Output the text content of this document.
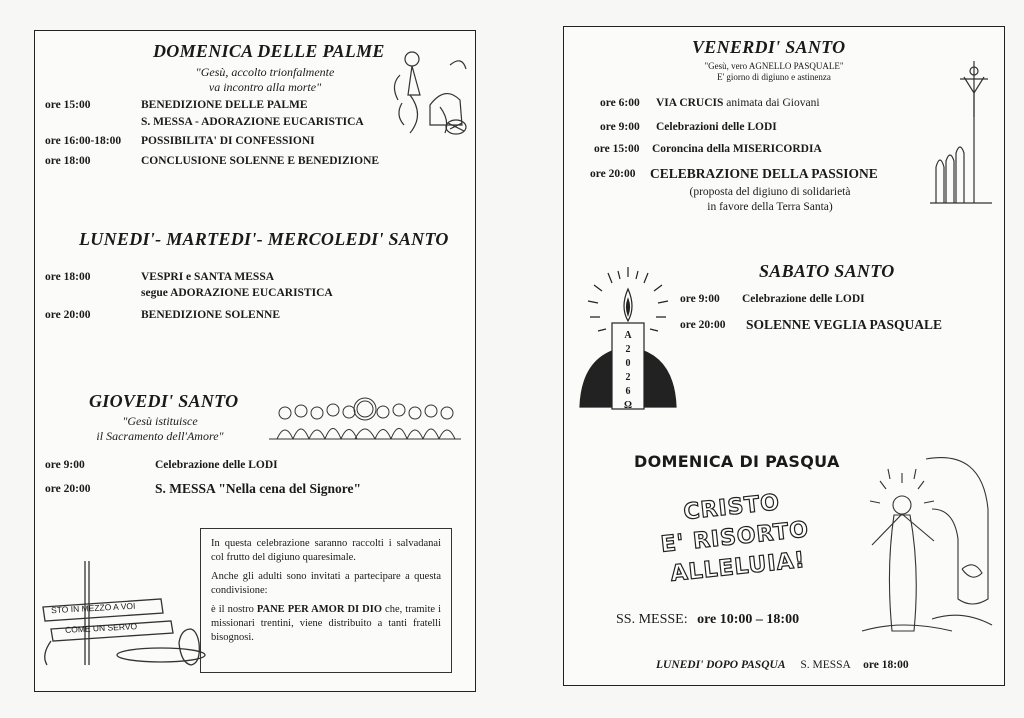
DOMENICA DELLE PALME
"Gesù, accolto trionfalmente
va incontro alla morte"
ore 15:00	BENEDIZIONE DELLE PALME
S. MESSA - ADORAZIONE EUCARISTICA
ore 16:00-18:00 POSSIBILITA' DI CONFESSIONI
ore 18:00	CONCLUSIONE SOLENNE E BENEDIZIONE
LUNEDI'- MARTEDI'- MERCOLEDI' SANTO
ore 18:00	VESPRI e SANTA MESSA
segue ADORAZIONE EUCARISTICA
ore 20:00	BENEDIZIONE SOLENNE
GIOVEDI' SANTO
"Gesù istituisce
il Sacramento dell'Amore"
ore 9:00	Celebrazione delle LODI
ore 20:00	S. MESSA "Nella cena del Signore"
STO IN MEZZO A VOI
COME UN SERVO

In questa celebrazione saranno raccolti i salvadanai col frutto del digiuno quaresimale.

Anche gli adulti sono invitati a partecipare a questa condivisione:

è il nostro PANE PER AMOR DI DIO che, tramite i missionari trentini, viene distribuito a tanti fratelli bisognosi.

VENERDI' SANTO
"Gesù, vero AGNELLO PASQUALE"
E' giorno di digiuno e astinenza
ore 6:00 VIA CRUCIS animata dai Giovani
ore 9:00 Celebrazioni delle LODI
ore 15:00 Coroncina della MISERICORDIA
ore 20:00 CELEBRAZIONE DELLA PASSIONE
(proposta del digiuno di solidarietà
in favore della Terra Santa)
SABATO SANTO
ore 9:00 Celebrazione delle LODI
ore 20:00 SOLENNE VEGLIA PASQUALE
A
2
0
2
6
Ω
DOMENICA DI PASQUA
CRISTO
E' RISORTO
ALLELUIA!
SS. MESSE: ore 10:00 – 18:00
LUNEDI' DOPO PASQUA S. MESSA ore 18:00
